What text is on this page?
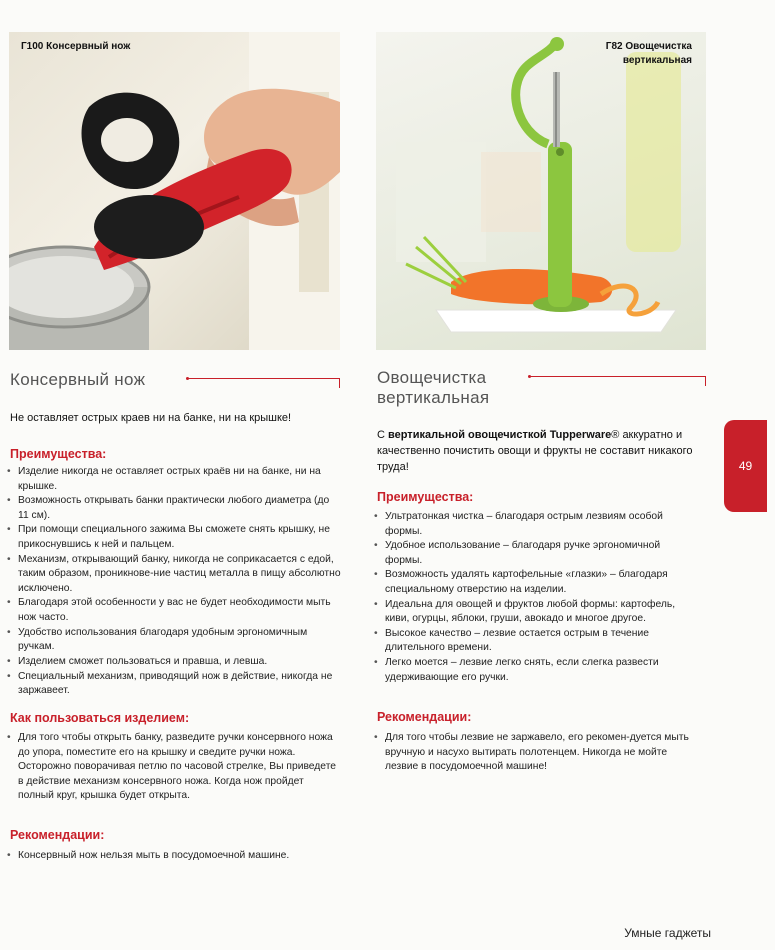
Г100 Консервный нож	Г82 Овощечистка
вертикальная
Консервный нож
Не оставляет острых краев ни на банке, ни на крышке!
Преимущества:
• Изделие никогда не оставляет острых краёв ни на банке, ни на крышке.
• Возможность открывать банки практически любого диаметра (до 11 см).
• При помощи специального зажима Вы сможете снять крышку, не прикоснувшись к ней и пальцем.
• Механизм, открывающий банку, никогда не соприкасается с едой, таким образом, проникнове-ние частиц металла в пищу абсолютно исключено.
• Благодаря этой особенности у вас не будет необходимости мыть нож часто.
• Удобство использования благодаря удобным эргономичным ручкам.
• Изделием сможет пользоваться и правша, и левша.
• Специальный механизм, приводящий нож в действие, никогда не заржавеет.
Как пользоваться изделием:

• Для того чтобы открыть банку, разведите ручки консервного ножа до упора, поместите его на крышку и сведите ручки ножа. Осторожно поворачивая петлю по часовой стрелке, Вы приведете в действие механизм консервного ножа. Когда нож пройдет полный круг, крышка будет открыта.

Рекомендации:

• Консервный нож нельзя мыть в посудомоечной машине.

Овощечистка
вертикальная
С вертикальной овощечисткой Tupperware® аккуратно и качественно почистить овощи и фрукты не составит никакого труда!
Преимущества:
• Ультратонкая чистка – благодаря острым лезвиям особой формы.
• Удобное использование – благодаря ручке эргономичной формы.
• Возможность удалять картофельные «глазки» – благодаря специальному отверстию на изделии.
• Идеальна для овощей и фруктов любой формы: картофель, киви, огурцы, яблоки, груши, авокадо и многое другое.
• Высокое качество – лезвие остается острым в течение длительного времени.
• Легко моется – лезвие легко снять, если слегка развести удерживающие его ручки.
Рекомендации:

• Для того чтобы лезвие не заржавело, его рекомен-дуется мыть вручную и насухо вытирать полотенцем. Никогда не мойте лезвие в посудомоечной машине!

49
Умные гаджеты
